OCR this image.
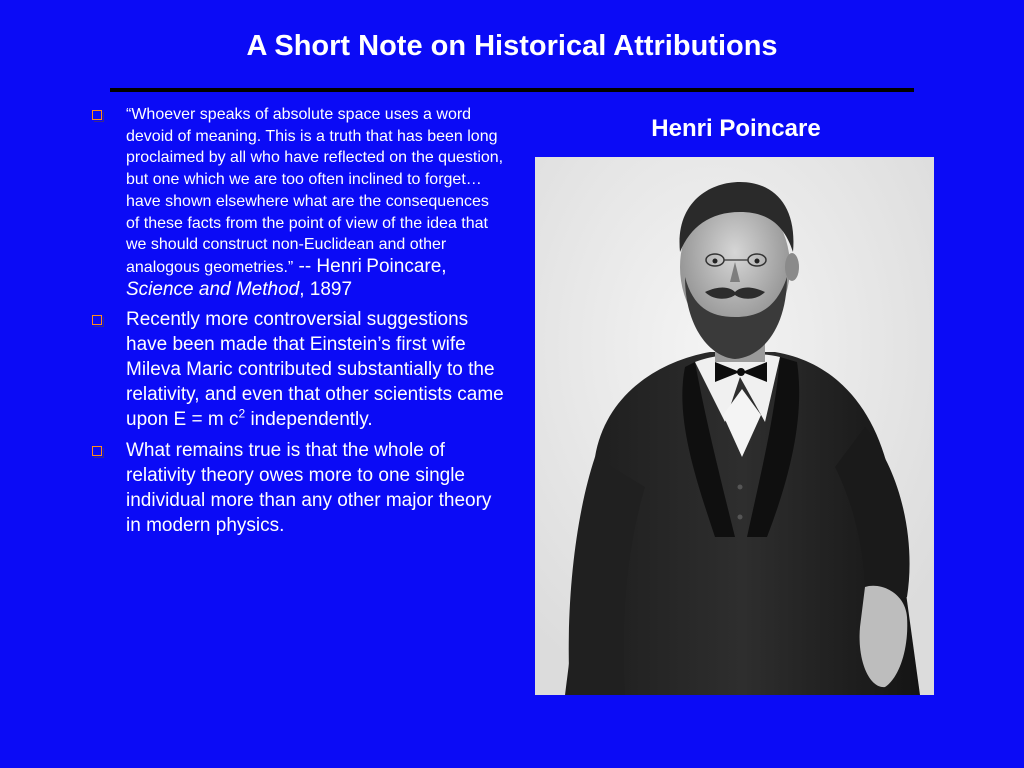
A Short Note on Historical Attributions
“Whoever speaks of absolute space uses a word devoid of meaning. This is a truth that has been long proclaimed by all who have reflected on the question, but one which we are too often inclined to forget… have shown elsewhere what are the consequences of these facts from the point of view of the idea that we should construct non-Euclidean and other analogous geometries.” -- Henri Poincare, Science and Method, 1897
Recently more controversial suggestions have been made that Einstein’s first wife Mileva Maric contributed substantially to the relativity, and even that other scientists came upon E = m $c^2$ independently.
What remains true is that the whole of relativity theory owes more to one single individual more than any other major theory in modern physics.
Henri Poincare
